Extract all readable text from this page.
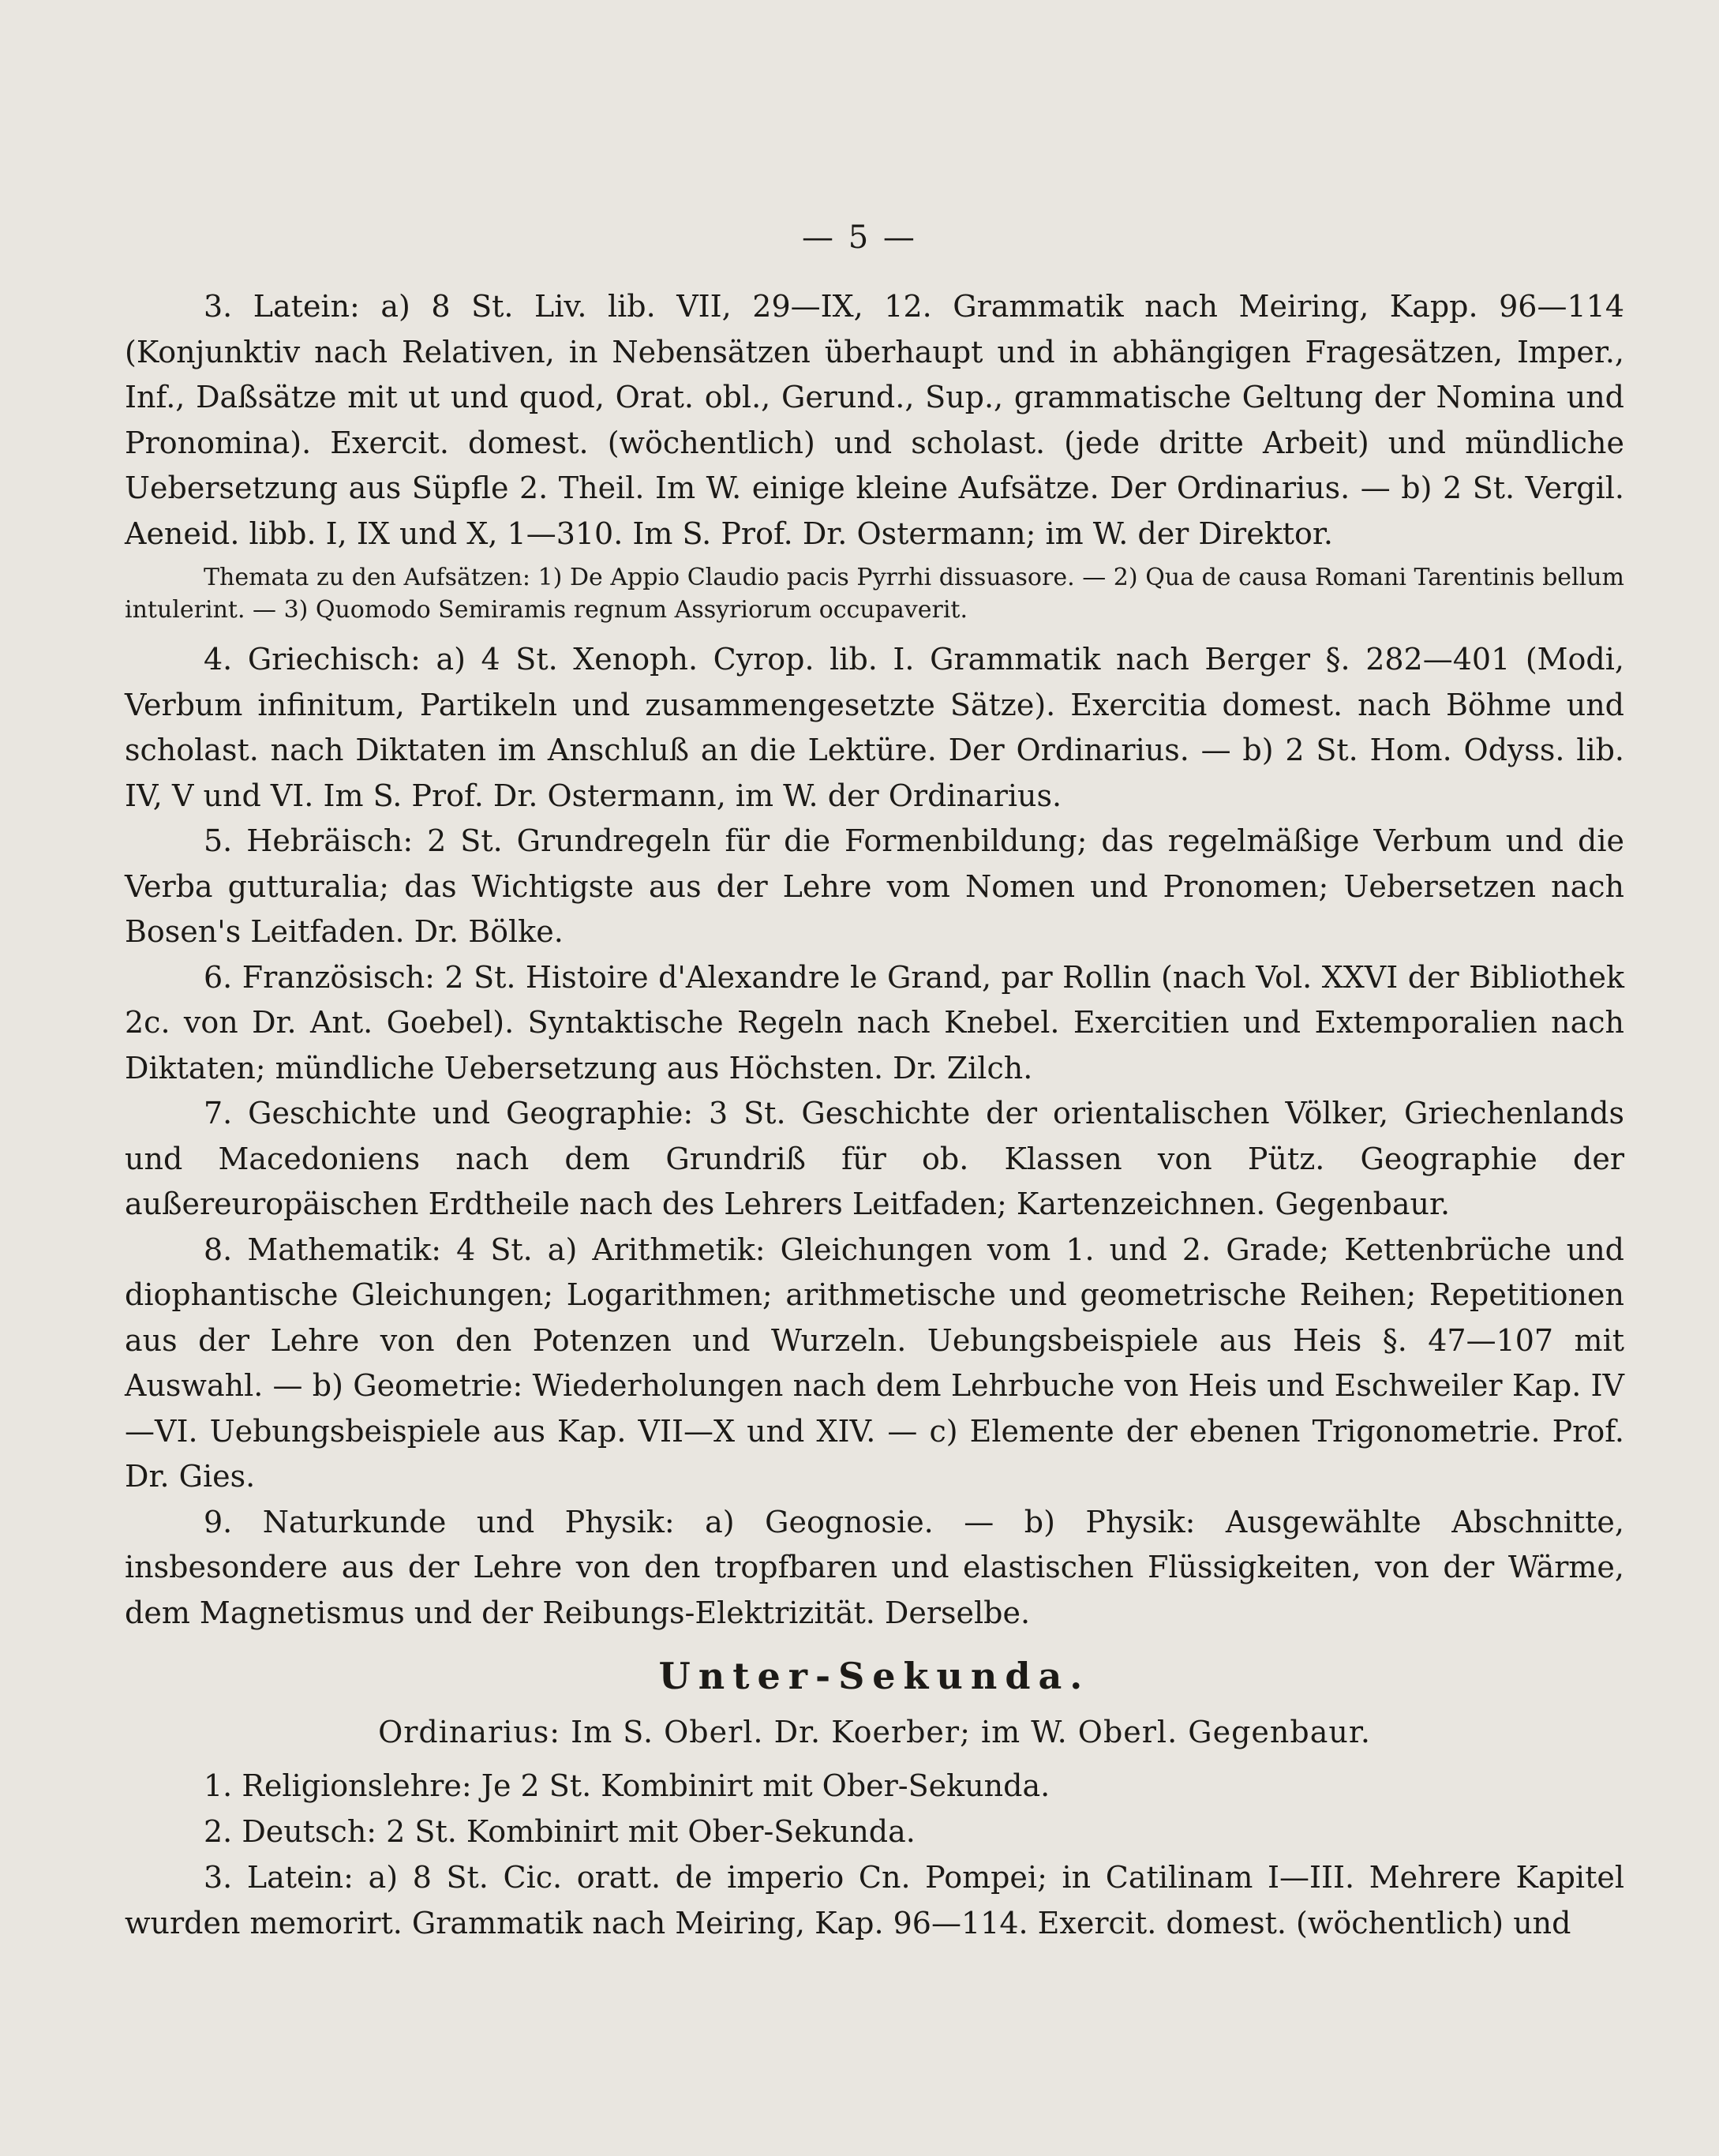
— 5 —

3. Latein: a) 8 St. Liv. lib. VII, 29—IX, 12. Grammatik nach Meiring, Kapp. 96—114 (Konjunktiv nach Relativen, in Nebensätzen überhaupt und in abhängigen Fragesätzen, Imper., Inf., Daßsätze mit ut und quod, Orat. obl., Gerund., Sup., grammatische Geltung der Nomina und Pronomina). Exercit. domest. (wöchentlich) und scholast. (jede dritte Arbeit) und mündliche Uebersetzung aus Süpfle 2. Theil. Im W. einige kleine Aufsätze. Der Ordinarius. — b) 2 St. Vergil. Aeneid. libb. I, IX und X, 1—310. Im S. Prof. Dr. Ostermann; im W. der Direktor.

Themata zu den Aufsätzen: 1) De Appio Claudio pacis Pyrrhi dissuasore. — 2) Qua de causa Romani Tarentinis bellum intulerint. — 3) Quomodo Semiramis regnum Assyriorum occupaverit.

4. Griechisch: a) 4 St. Xenoph. Cyrop. lib. I. Grammatik nach Berger §. 282—401 (Modi, Verbum infinitum, Partikeln und zusammengesetzte Sätze). Exercitia domest. nach Böhme und scholast. nach Diktaten im Anschluß an die Lektüre. Der Ordinarius. — b) 2 St. Hom. Odyss. lib. IV, V und VI. Im S. Prof. Dr. Ostermann, im W. der Ordinarius.

5. Hebräisch: 2 St. Grundregeln für die Formenbildung; das regelmäßige Verbum und die Verba gutturalia; das Wichtigste aus der Lehre vom Nomen und Pronomen; Uebersetzen nach Bosen's Leitfaden. Dr. Bölke.

6. Französisch: 2 St. Histoire d'Alexandre le Grand, par Rollin (nach Vol. XXVI der Bibliothek 2c. von Dr. Ant. Goebel). Syntaktische Regeln nach Knebel. Exercitien und Extemporalien nach Diktaten; mündliche Uebersetzung aus Höchsten. Dr. Zilch.

7. Geschichte und Geographie: 3 St. Geschichte der orientalischen Völker, Griechenlands und Macedoniens nach dem Grundriß für ob. Klassen von Pütz. Geographie der außereuropäischen Erdtheile nach des Lehrers Leitfaden; Kartenzeichnen. Gegenbaur.

8. Mathematik: 4 St. a) Arithmetik: Gleichungen vom 1. und 2. Grade; Kettenbrüche und diophantische Gleichungen; Logarithmen; arithmetische und geometrische Reihen; Repetitionen aus der Lehre von den Potenzen und Wurzeln. Uebungsbeispiele aus Heis §. 47—107 mit Auswahl. — b) Geometrie: Wiederholungen nach dem Lehrbuche von Heis und Eschweiler Kap. IV—VI. Uebungsbeispiele aus Kap. VII—X und XIV. — c) Elemente der ebenen Trigonometrie. Prof. Dr. Gies.

9. Naturkunde und Physik: a) Geognosie. — b) Physik: Ausgewählte Abschnitte, insbesondere aus der Lehre von den tropfbaren und elastischen Flüssigkeiten, von der Wärme, dem Magnetismus und der Reibungs-Elektrizität. Derselbe.

Unter-Sekunda.
Ordinarius: Im S. Oberl. Dr. Koerber; im W. Oberl. Gegenbaur.

1. Religionslehre: Je 2 St. Kombinirt mit Ober-Sekunda.

2. Deutsch: 2 St. Kombinirt mit Ober-Sekunda.

3. Latein: a) 8 St. Cic. oratt. de imperio Cn. Pompei; in Catilinam I—III. Mehrere Kapitel wurden memorirt. Grammatik nach Meiring, Kap. 96—114. Exercit. domest. (wöchentlich) und
